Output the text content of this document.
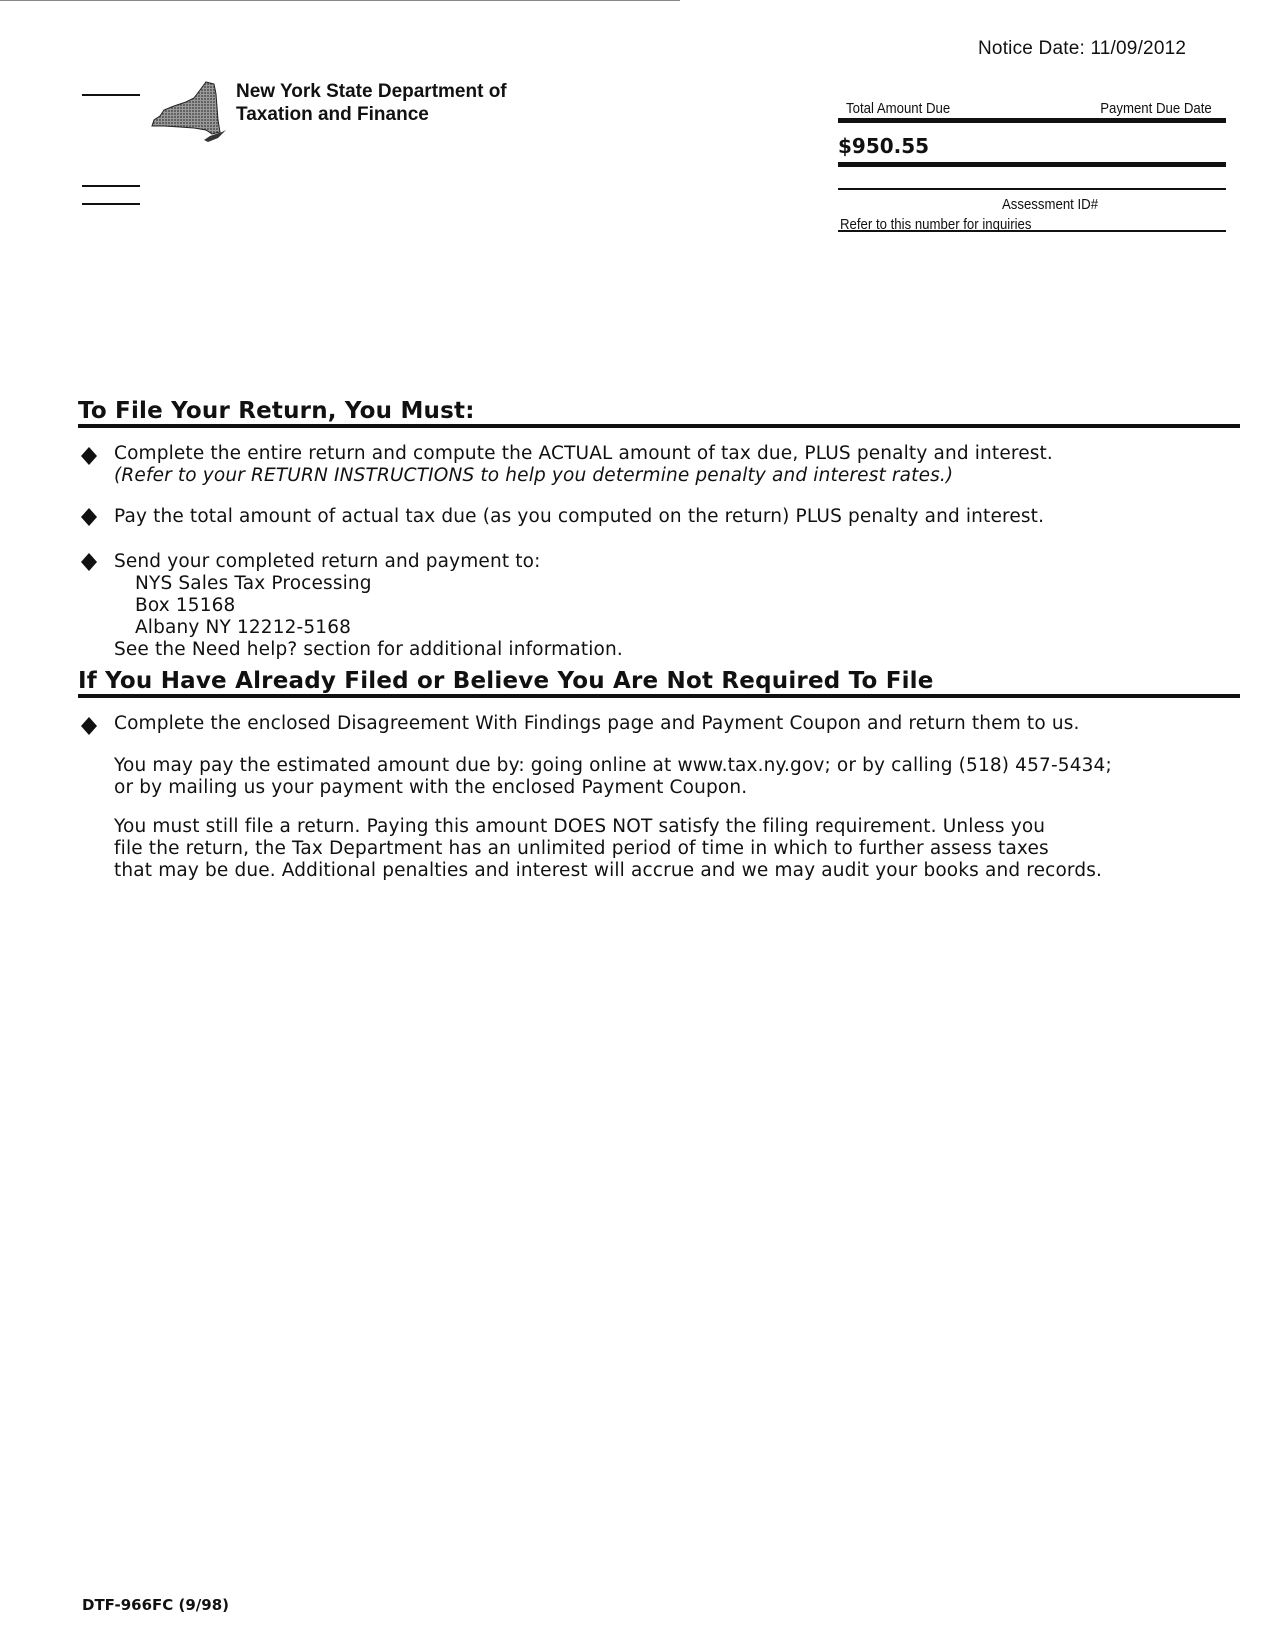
Notice Date: 11/09/2012
New York State Department of
Taxation and Finance	Total Amount Due	Payment Due Date
$950.55
Assessment ID#
Refer to this number for inquiries
To File Your Return, You Must:
Complete the entire return and compute the ACTUAL amount of tax due, PLUS penalty and interest.
(Refer to your RETURN INSTRUCTIONS to help you determine penalty and interest rates.)
Pay the total amount of actual tax due (as you computed on the return) PLUS penalty and interest.
Send your completed return and payment to:
NYS Sales Tax Processing
Box 15168
Albany NY 12212-5168
See the Need help? section for additional information.
If You Have Already Filed or Believe You Are Not Required To File
Complete the enclosed Disagreement With Findings page and Payment Coupon and return them to us.
You may pay the estimated amount due by: going online at www.tax.ny.gov; or by calling (518) 457-5434;
or by mailing us your payment with the enclosed Payment Coupon.
You must still file a return. Paying this amount DOES NOT satisfy the filing requirement. Unless you
file the return, the Tax Department has an unlimited period of time in which to further assess taxes
that may be due. Additional penalties and interest will accrue and we may audit your books and records.
DTF-966FC (9/98)
